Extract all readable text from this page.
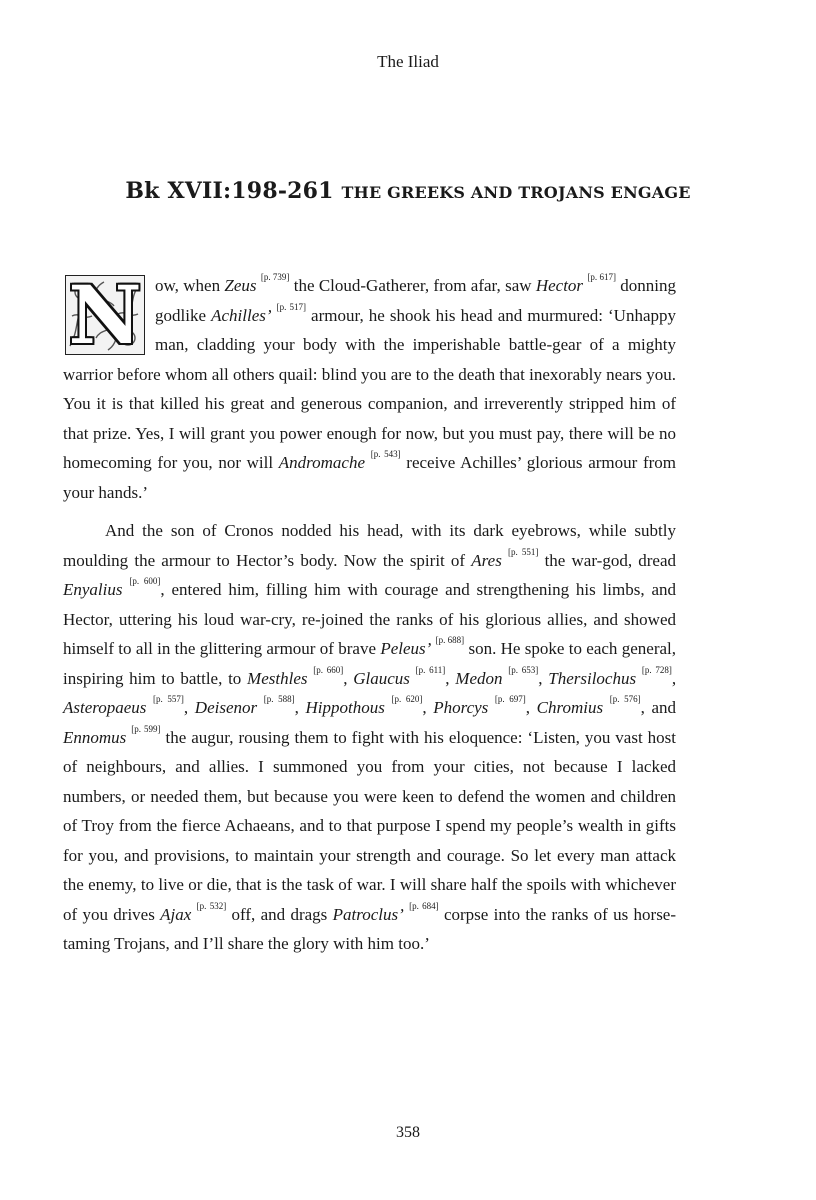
The Iliad
Bk XVII:198-261 THE GREEKS AND TROJANS ENGAGE

N ow, when Zeus [p. 739] the Cloud-Gatherer, from afar, saw Hector [p. 617] donning godlike Achilles’ [p. 517] armour, he shook his head and murmured: ‘Unhappy man, cladding your body with the imperishable battle-gear of a mighty warrior before whom all others quail: blind you are to the death that inexorably nears you. You it is that killed his great and generous companion, and irreverently stripped him of that prize. Yes, I will grant you power enough for now, but you must pay, there will be no homecoming for you, nor will Andromache [p. 543] receive Achilles’ glorious armour from your hands.’

And the son of Cronos nodded his head, with its dark eyebrows, while subtly moulding the armour to Hector’s body. Now the spirit of Ares [p. 551] the war-god, dread Enyalius [p. 600], entered him, filling him with courage and strengthening his limbs, and Hector, uttering his loud war-cry, re-joined the ranks of his glorious allies, and showed himself to all in the glittering armour of brave Peleus’ [p. 688] son. He spoke to each general, inspiring him to battle, to Mesthles [p. 660], Glaucus [p. 611], Medon [p. 653], Thersilochus [p. 728], Asteropaeus [p. 557], Deisenor [p. 588], Hippothous [p. 620], Phorcys [p. 697], Chromius [p. 576], and Ennomus [p. 599] the augur, rousing them to fight with his eloquence: ‘Listen, you vast host of neighbours, and allies. I summoned you from your cities, not because I lacked numbers, or needed them, but because you were keen to defend the women and children of Troy from the fierce Achaeans, and to that purpose I spend my people’s wealth in gifts for you, and provisions, to maintain your strength and courage. So let every man attack the enemy, to live or die, that is the task of war. I will share half the spoils with whichever of you drives Ajax [p. 532] off, and drags Patroclus’ [p. 684] corpse into the ranks of us horse-taming Trojans, and I’ll share the glory with him too.’

358
